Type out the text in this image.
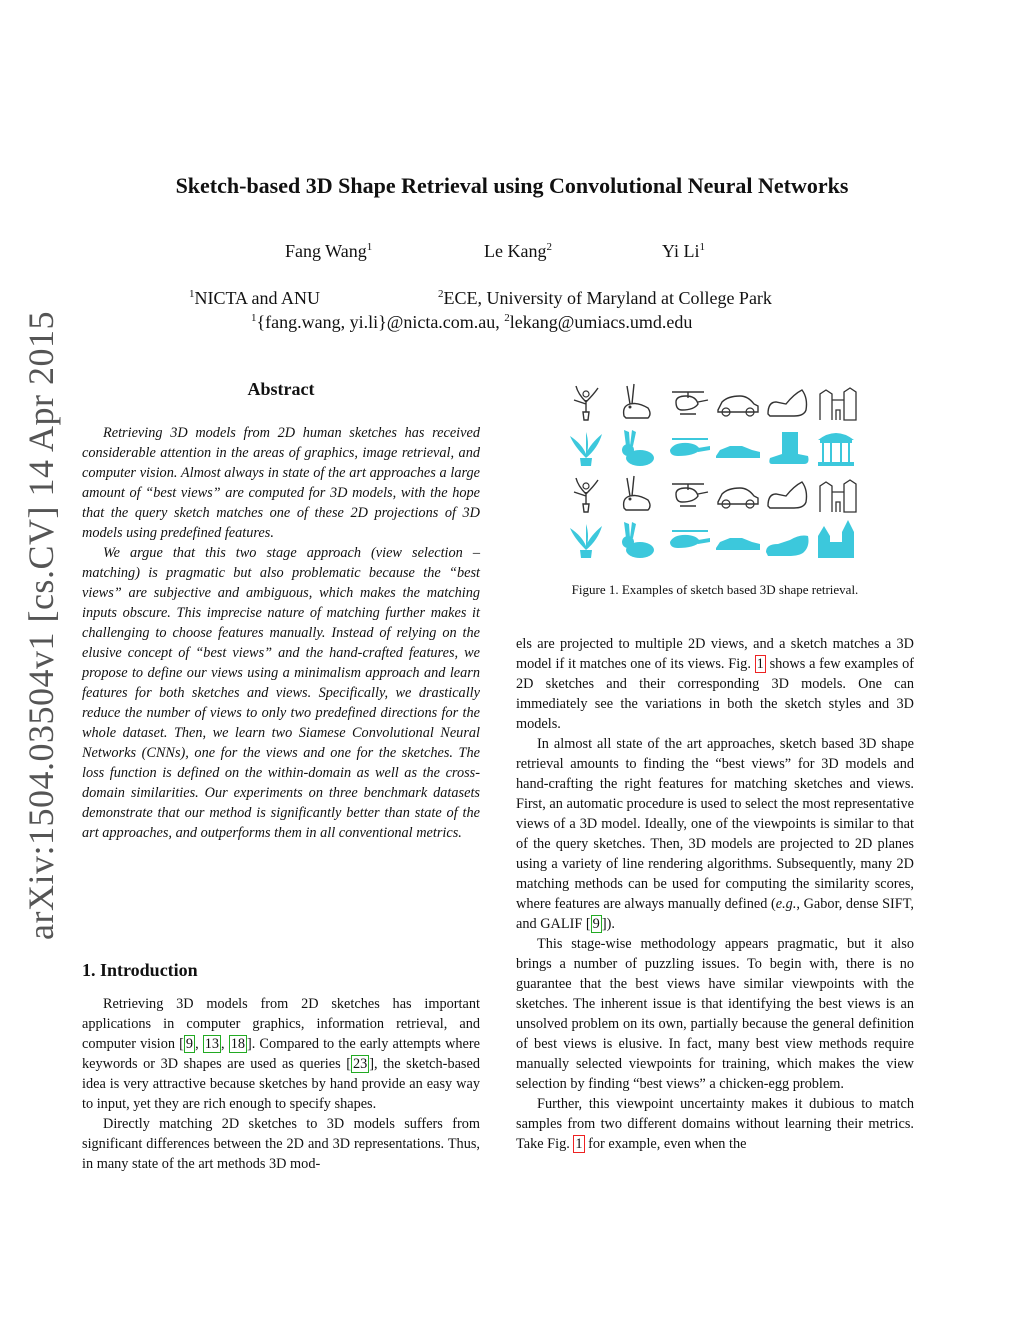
arXiv:1504.03504v1 [cs.CV] 14 Apr 2015
Sketch-based 3D Shape Retrieval using Convolutional Neural Networks
Fang Wang$^1$	Le Kang$^2$	Yi Li$^1$
$^1$NICTA and ANU	$^2$ECE, University of Maryland at College Park
$^1${fang.wang, yi.li}@nicta.com.au, $^2$lekang@umiacs.umd.edu
Abstract

Retrieving 3D models from 2D human sketches has received considerable attention in the areas of graphics, image retrieval, and computer vision. Almost always in state of the art approaches a large amount of “best views” are computed for 3D models, with the hope that the query sketch matches one of these 2D projections of 3D models using predefined features.

We argue that this two stage approach (view selection – matching) is pragmatic but also problematic because the “best views” are subjective and ambiguous, which makes the matching inputs obscure. This imprecise nature of matching further makes it challenging to choose features manually. Instead of relying on the elusive concept of “best views” and the hand-crafted features, we propose to define our views using a minimalism approach and learn features for both sketches and views. Specifically, we drastically reduce the number of views to only two predefined directions for the whole dataset. Then, we learn two Siamese Convolutional Neural Networks (CNNs), one for the views and one for the sketches. The loss function is defined on the within-domain as well as the cross-domain similarities. Our experiments on three benchmark datasets demonstrate that our method is significantly better than state of the art approaches, and outperforms them in all conventional metrics.

1. Introduction

Retrieving 3D models from 2D sketches has important applications in computer graphics, information retrieval, and computer vision [ 9 , 13 , 18 ]. Compared to the early attempts where keywords or 3D shapes are used as queries [ 23 ], the sketch-based idea is very attractive because sketches by hand provide an easy way to input, yet they are rich enough to specify shapes.

Directly matching 2D sketches to 3D models suffers from significant differences between the 2D and 3D representations. Thus, in many state of the art methods 3D mod-

Figure 1. Examples of sketch based 3D shape retrieval.

els are projected to multiple 2D views, and a sketch matches a 3D model if it matches one of its views. Fig. 1 shows a few examples of 2D sketches and their corresponding 3D models. One can immediately see the variations in both the sketch styles and 3D models.

In almost all state of the art approaches, sketch based 3D shape retrieval amounts to finding the “best views” for 3D models and hand-crafting the right features for matching sketches and views. First, an automatic procedure is used to select the most representative views of a 3D model. Ideally, one of the viewpoints is similar to that of the query sketches. Then, 3D models are projected to 2D planes using a variety of line rendering algorithms. Subsequently, many 2D matching methods can be used for computing the similarity scores, where features are always manually defined (e.g., Gabor, dense SIFT, and GALIF [ 9 ]).

This stage-wise methodology appears pragmatic, but it also brings a number of puzzling issues. To begin with, there is no guarantee that the best views have similar viewpoints with the sketches. The inherent issue is that identifying the best views is an unsolved problem on its own, partially because the general definition of best views is elusive. In fact, many best view methods require manually selected viewpoints for training, which makes the view selection by finding “best views” a chicken-egg problem.

Further, this viewpoint uncertainty makes it dubious to match samples from two different domains without learning their metrics. Take Fig. 1 for example, even when the
